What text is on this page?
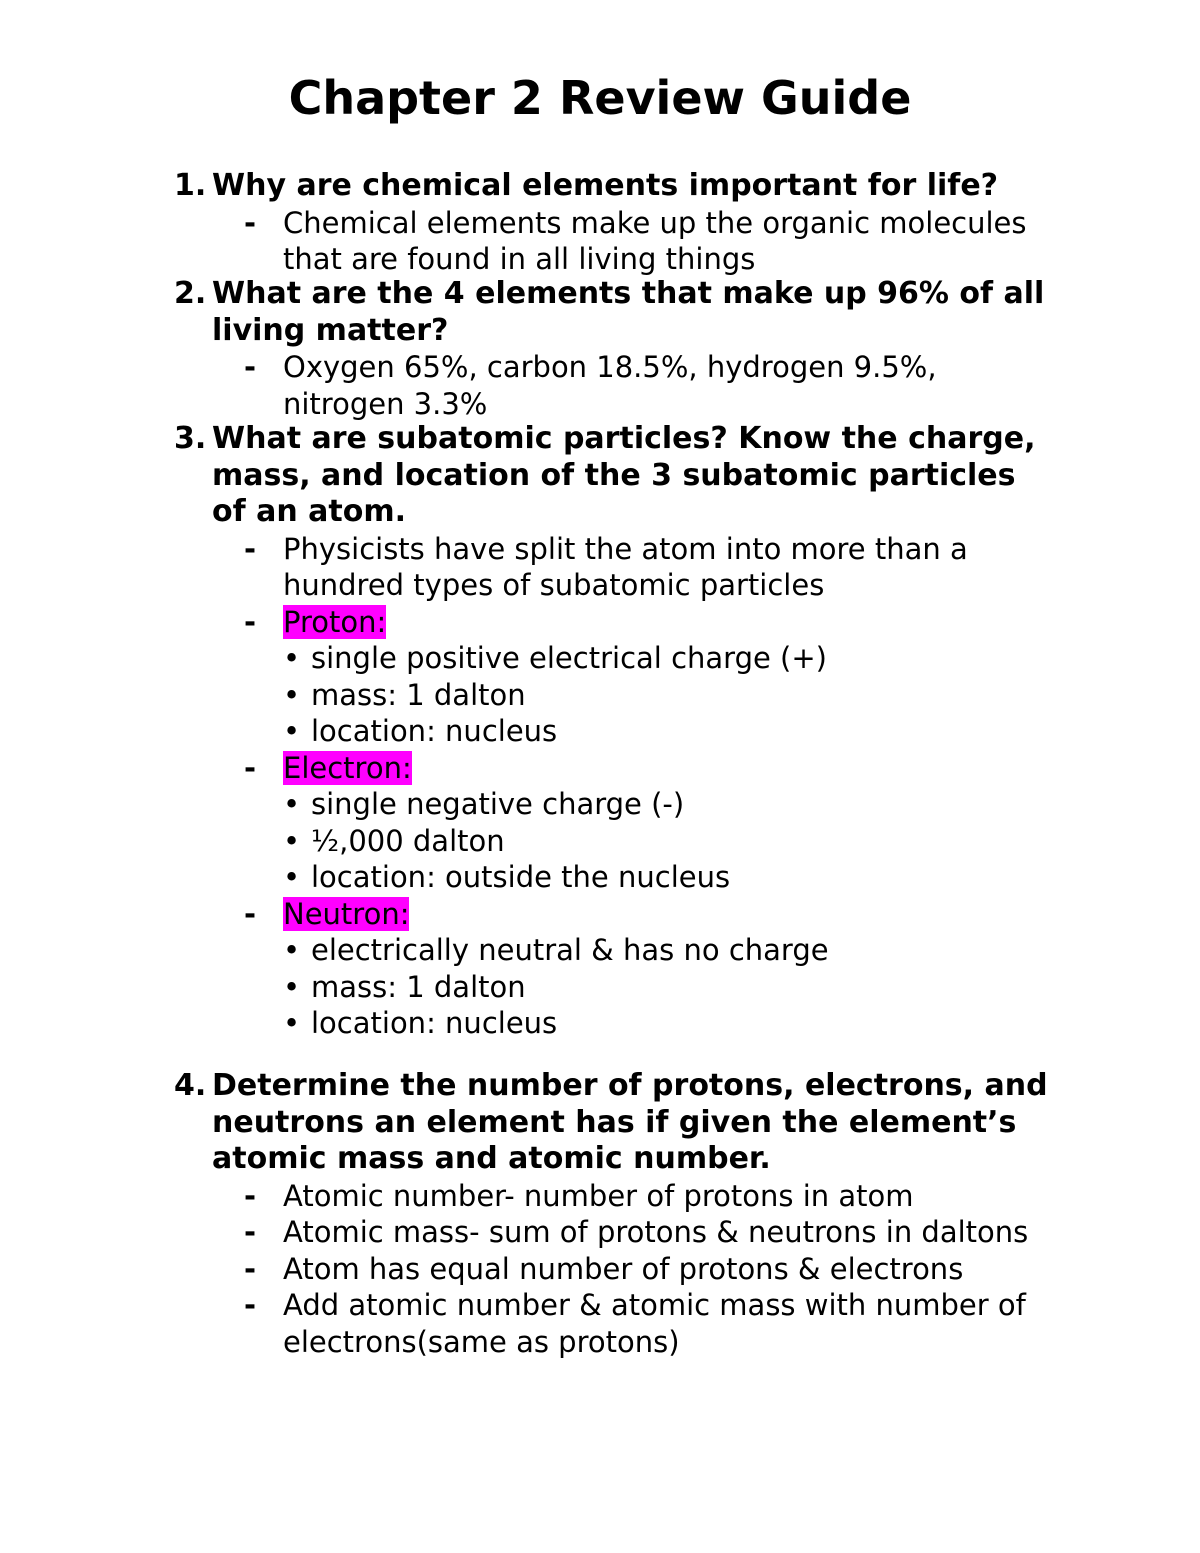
Chapter 2 Review Guide
1. Why are chemical elements important for life?
- Chemical elements make up the organic molecules that are found in all living things
2. What are the 4 elements that make up 96% of all living matter?
- Oxygen 65%, carbon 18.5%, hydrogen 9.5%, nitrogen 3.3%
3. What are subatomic particles? Know the charge, mass, and location of the 3 subatomic particles of an atom.
- Physicists have split the atom into more than a hundred types of subatomic particles
- Proton:
• single positive electrical charge (+)
• mass: 1 dalton
• location: nucleus
- Electron:
• single negative charge (-)
• ½,000 dalton
• location: outside the nucleus
- Neutron:
• electrically neutral & has no charge
• mass: 1 dalton
• location: nucleus
4. Determine the number of protons, electrons, and neutrons an element has if given the element’s atomic mass and atomic number.
- Atomic number- number of protons in atom
- Atomic mass- sum of protons & neutrons in daltons
- Atom has equal number of protons & electrons
- Add atomic number & atomic mass with number of electrons(same as protons)
